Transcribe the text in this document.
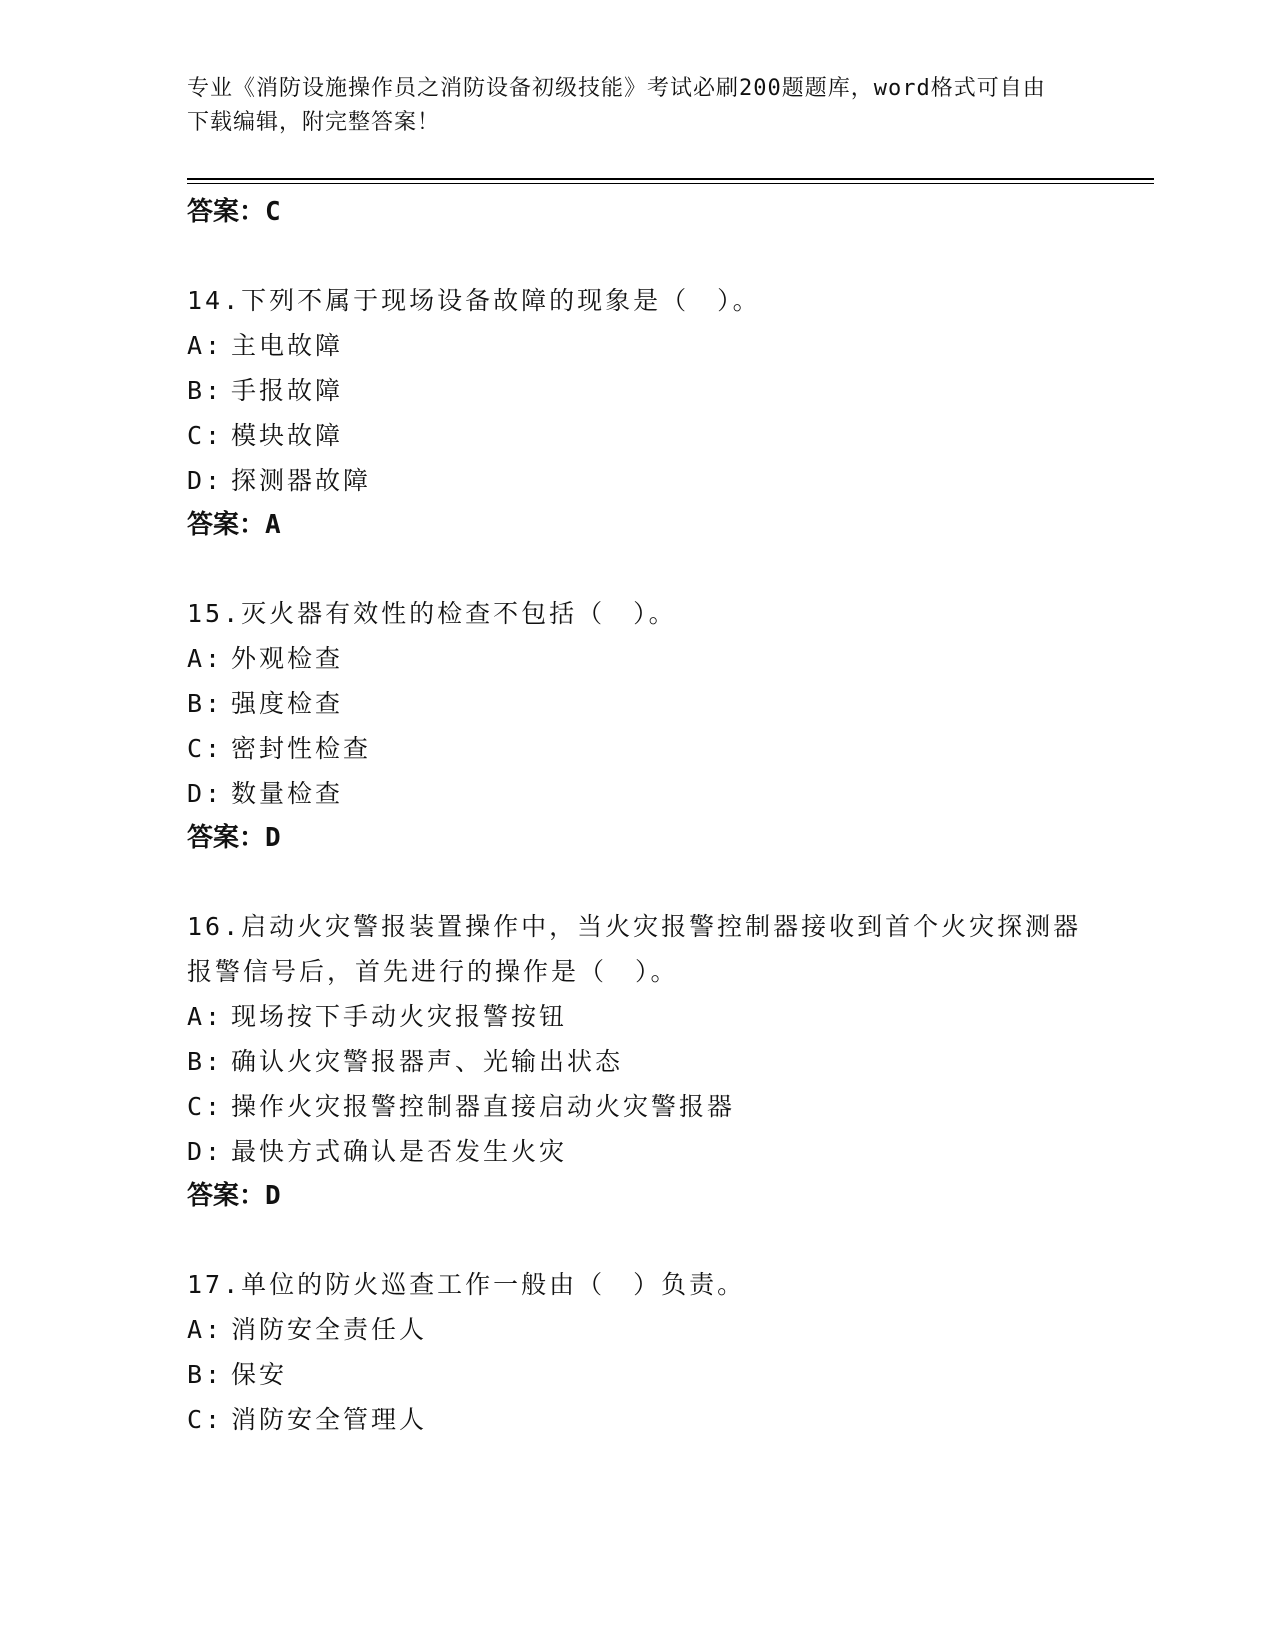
专业《消防设施操作员之消防设备初级技能》考试必刷200题题库，word格式可自由下载编辑，附完整答案！

答案：C

14.下列不属于现场设备故障的现象是（　）。

A: 主电故障

B: 手报故障

C: 模块故障

D: 探测器故障

答案：A

15.灭火器有效性的检查不包括（　）。

A: 外观检查

B: 强度检查

C: 密封性检查

D: 数量检查

答案：D

16.启动火灾警报装置操作中，当火灾报警控制器接收到首个火灾探测器报警信号后，首先进行的操作是（　）。

A: 现场按下手动火灾报警按钮

B: 确认火灾警报器声、光输出状态

C: 操作火灾报警控制器直接启动火灾警报器

D: 最快方式确认是否发生火灾

答案：D

17.单位的防火巡查工作一般由（　）负责。

A: 消防安全责任人

B: 保安

C: 消防安全管理人
